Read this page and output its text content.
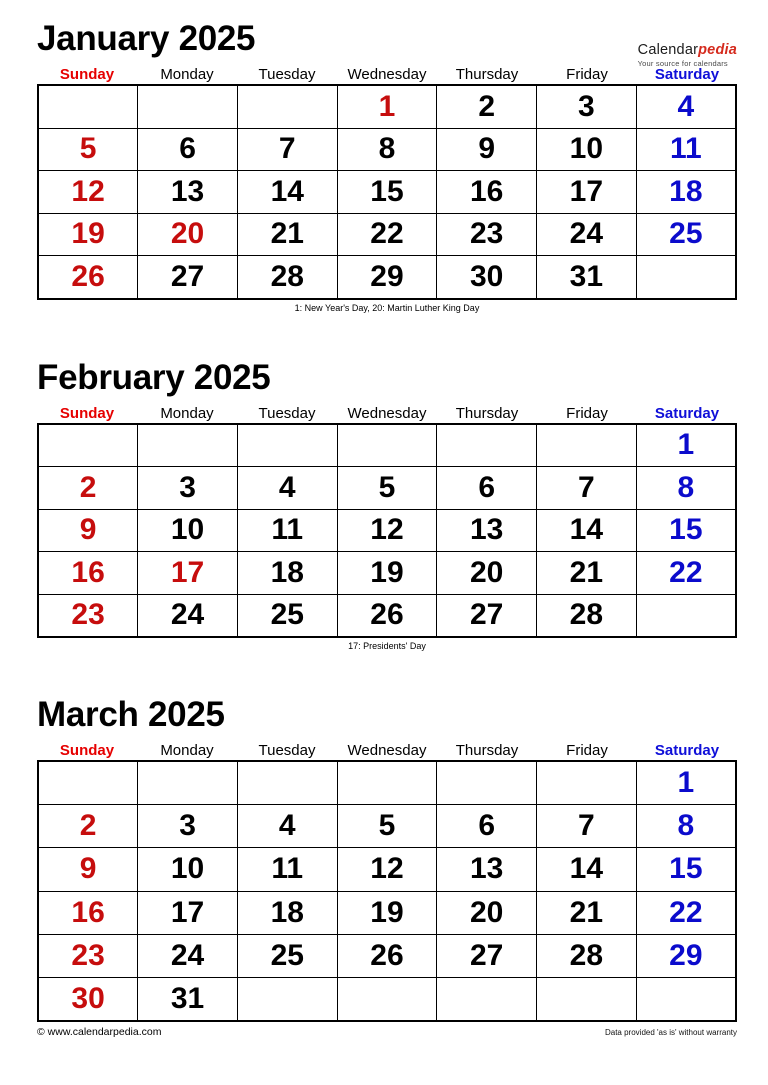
Calendarpedia
Your source for calendars
January 2025
Sunday	Monday	Tuesday	Wednesday	Thursday	Friday	Saturday
			1	2	3	4
5	6	7	8	9	10	11
12	13	14	15	16	17	18
19	20	21	22	23	24	25
26	27	28	29	30	31	
1: New Year's Day, 20: Martin Luther King Day
February 2025
Sunday	Monday	Tuesday	Wednesday	Thursday	Friday	Saturday
						1
2	3	4	5	6	7	8
9	10	11	12	13	14	15
16	17	18	19	20	21	22
23	24	25	26	27	28	
17: Presidents' Day
March 2025
Sunday	Monday	Tuesday	Wednesday	Thursday	Friday	Saturday
						1
2	3	4	5	6	7	8
9	10	11	12	13	14	15
16	17	18	19	20	21	22
23	24	25	26	27	28	29
30	31					
© www.calendarpedia.com	Data provided 'as is' without warranty
